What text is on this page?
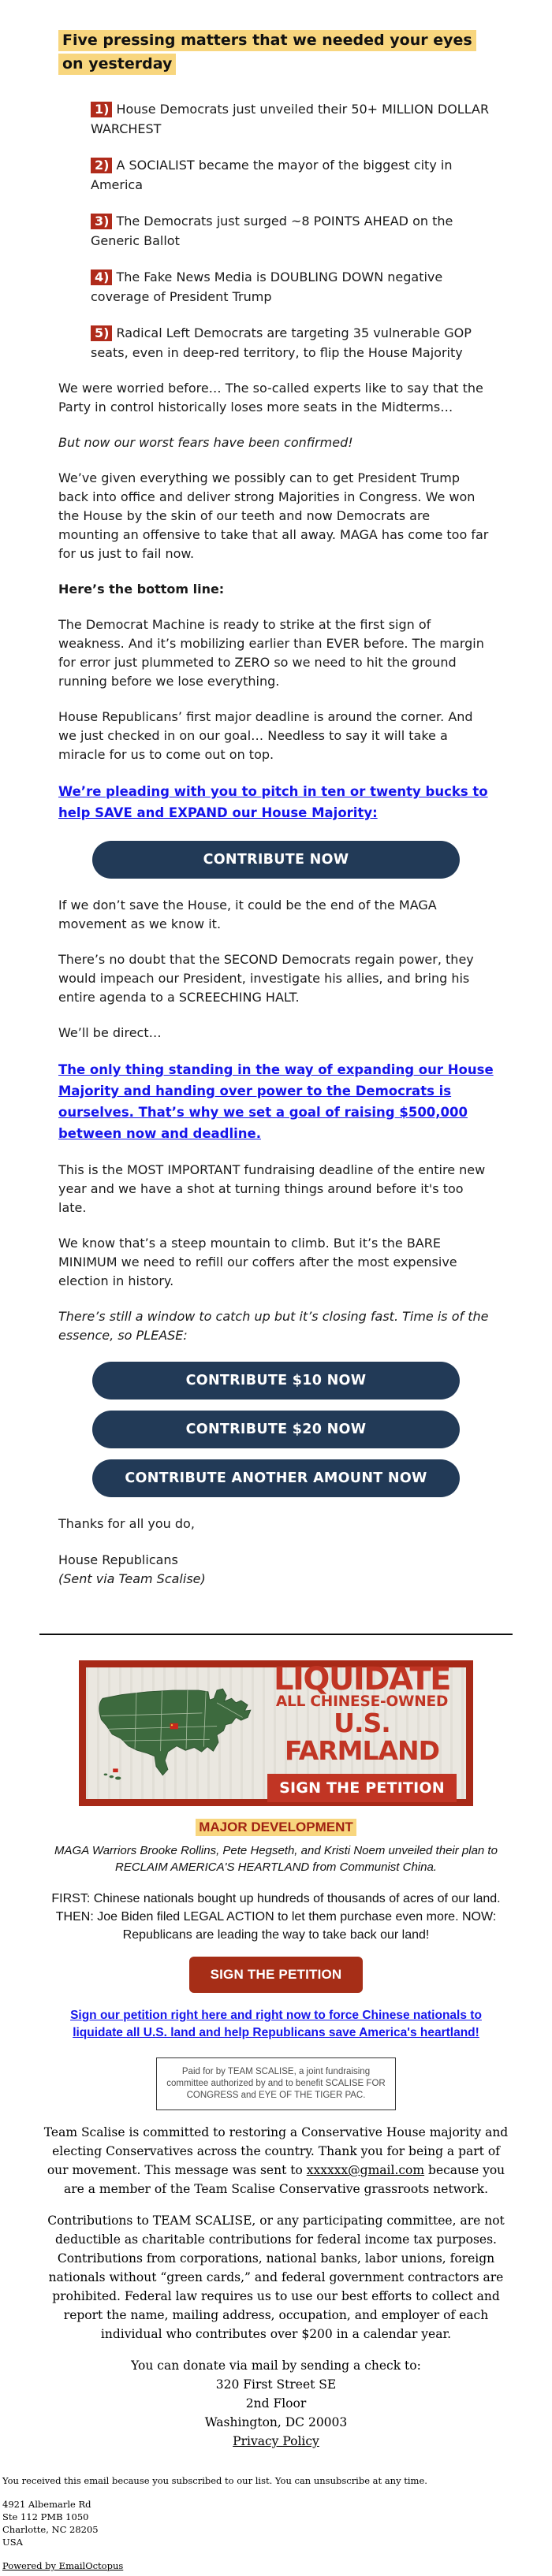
Five pressing matters that we needed your eyes on yesterday
1) House Democrats just unveiled their 50+ MILLION DOLLAR WARCHEST
2) A SOCIALIST became the mayor of the biggest city in America
3) The Democrats just surged ~8 POINTS AHEAD on the Generic Ballot
4) The Fake News Media is DOUBLING DOWN negative coverage of President Trump
5) Radical Left Democrats are targeting 35 vulnerable GOP seats, even in deep-red territory, to flip the House Majority

We were worried before… The so-called experts like to say that the Party in control historically loses more seats in the Midterms…

But now our worst fears have been confirmed!

We’ve given everything we possibly can to get President Trump back into office and deliver strong Majorities in Congress. We won the House by the skin of our teeth and now Democrats are mounting an offensive to take that all away. MAGA has come too far for us just to fail now.

Here’s the bottom line:

The Democrat Machine is ready to strike at the first sign of weakness. And it’s mobilizing earlier than EVER before. The margin for error just plummeted to ZERO so we need to hit the ground running before we lose everything.

House Republicans’ first major deadline is around the corner. And we just checked in on our goal… Needless to say it will take a miracle for us to come out on top.

We’re pleading with you to pitch in ten or twenty bucks to help SAVE and EXPAND our House Majority:
CONTRIBUTE NOW

If we don’t save the House, it could be the end of the MAGA movement as we know it.

There’s no doubt that the SECOND Democrats regain power, they would impeach our President, investigate his allies, and bring his entire agenda to a SCREECHING HALT.

We’ll be direct…

The only thing standing in the way of expanding our House Majority and handing over power to the Democrats is ourselves. That’s why we set a goal of raising $500,000 between now and deadline.

This is the MOST IMPORTANT fundraising deadline of the entire new year and we have a shot at turning things around before it's too late.

We know that’s a steep mountain to climb. But it’s the BARE MINIMUM we need to refill our coffers after the most expensive election in history.

There’s still a window to catch up but it’s closing fast. Time is of the essence, so PLEASE:

CONTRIBUTE $10 NOW
CONTRIBUTE $20 NOW
CONTRIBUTE ANOTHER AMOUNT NOW

Thanks for all you do,

House Republicans

(Sent via Team Scalise)

LIQUIDATE
ALL CHINESE-OWNED
U.S. FARMLAND
SIGN THE PETITION
MAJOR DEVELOPMENT
MAGA Warriors Brooke Rollins, Pete Hegseth, and Kristi Noem unveiled their plan to RECLAIM AMERICA'S HEARTLAND from Communist China.
FIRST: Chinese nationals bought up hundreds of thousands of acres of our land. THEN: Joe Biden filed LEGAL ACTION to let them purchase even more. NOW: Republicans are leading the way to take back our land!
SIGN THE PETITION
Sign our petition right here and right now to force Chinese nationals to liquidate all U.S. land and help Republicans save America's heartland!
Paid for by TEAM SCALISE, a joint fundraising committee authorized by and to benefit SCALISE FOR CONGRESS and EYE OF THE TIGER PAC.

Team Scalise is committed to restoring a Conservative House majority and electing Conservatives across the country. Thank you for being a part of our movement. This message was sent to xxxxxx@gmail.com because you are a member of the Team Scalise Conservative grassroots network.

Contributions to TEAM SCALISE, or any participating committee, are not deductible as charitable contributions for federal income tax purposes. Contributions from corporations, national banks, labor unions, foreign nationals without “green cards,” and federal government contractors are prohibited. Federal law requires us to use our best efforts to collect and report the name, mailing address, occupation, and employer of each individual who contributes over $200 in a calendar year.

You can donate via mail by sending a check to:
320 First Street SE
2nd Floor
Washington, DC 20003
Privacy Policy
You received this email because you subscribed to our list. You can unsubscribe at any time.
4921 Albemarle Rd
Ste 112 PMB 1050
Charlotte, NC 28205
USA
Powered by EmailOctopus
